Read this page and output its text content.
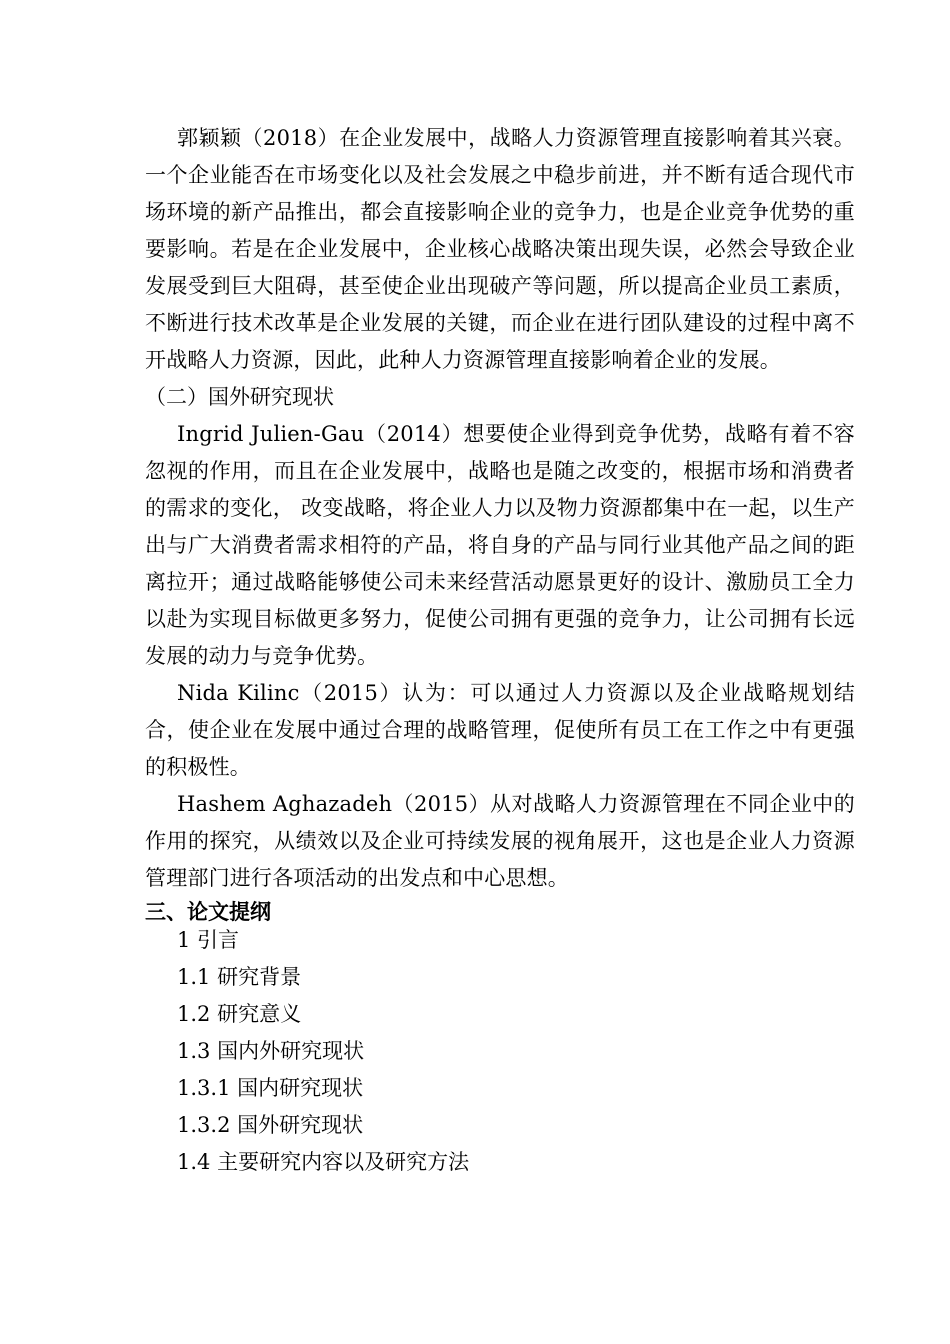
郭颖颖（2018）在企业发展中，战略人力资源管理直接影响着其兴衰。一个企业能否在市场变化以及社会发展之中稳步前进，并不断有适合现代市场环境的新产品推出，都会直接影响企业的竞争力，也是企业竞争优势的重要影响。若是在企业发展中，企业核心战略决策出现失误，必然会导致企业发展受到巨大阻碍，甚至使企业出现破产等问题，所以提高企业员工素质，不断进行技术改革是企业发展的关键，而企业在进行团队建设的过程中离不开战略人力资源，因此，此种人力资源管理直接影响着企业的发展。

（二）国外研究现状

Ingrid Julien-Gau（2014）想要使企业得到竞争优势，战略有着不容忽视的作用，而且在企业发展中，战略也是随之改变的，根据市场和消费者的需求的变化， 改变战略，将企业人力以及物力资源都集中在一起，以生产出与广大消费者需求相符的产品，将自身的产品与同行业其他产品之间的距离拉开；通过战略能够使公司未来经营活动愿景更好的设计、激励员工全力以赴为实现目标做更多努力，促使公司拥有更强的竞争力，让公司拥有长远发展的动力与竞争优势。

Nida Kilinc（2015）认为：可以通过人力资源以及企业战略规划结合，使企业在发展中通过合理的战略管理，促使所有员工在工作之中有更强的积极性。

Hashem Aghazadeh（2015）从对战略人力资源管理在不同企业中的作用的探究，从绩效以及企业可持续发展的视角展开，这也是企业人力资源管理部门进行各项活动的出发点和中心思想。

三、论文提纲

1 引言
1.1 研究背景
1.2 研究意义
1.3 国内外研究现状
1.3.1 国内研究现状
1.3.2 国外研究现状
1.4 主要研究内容以及研究方法
